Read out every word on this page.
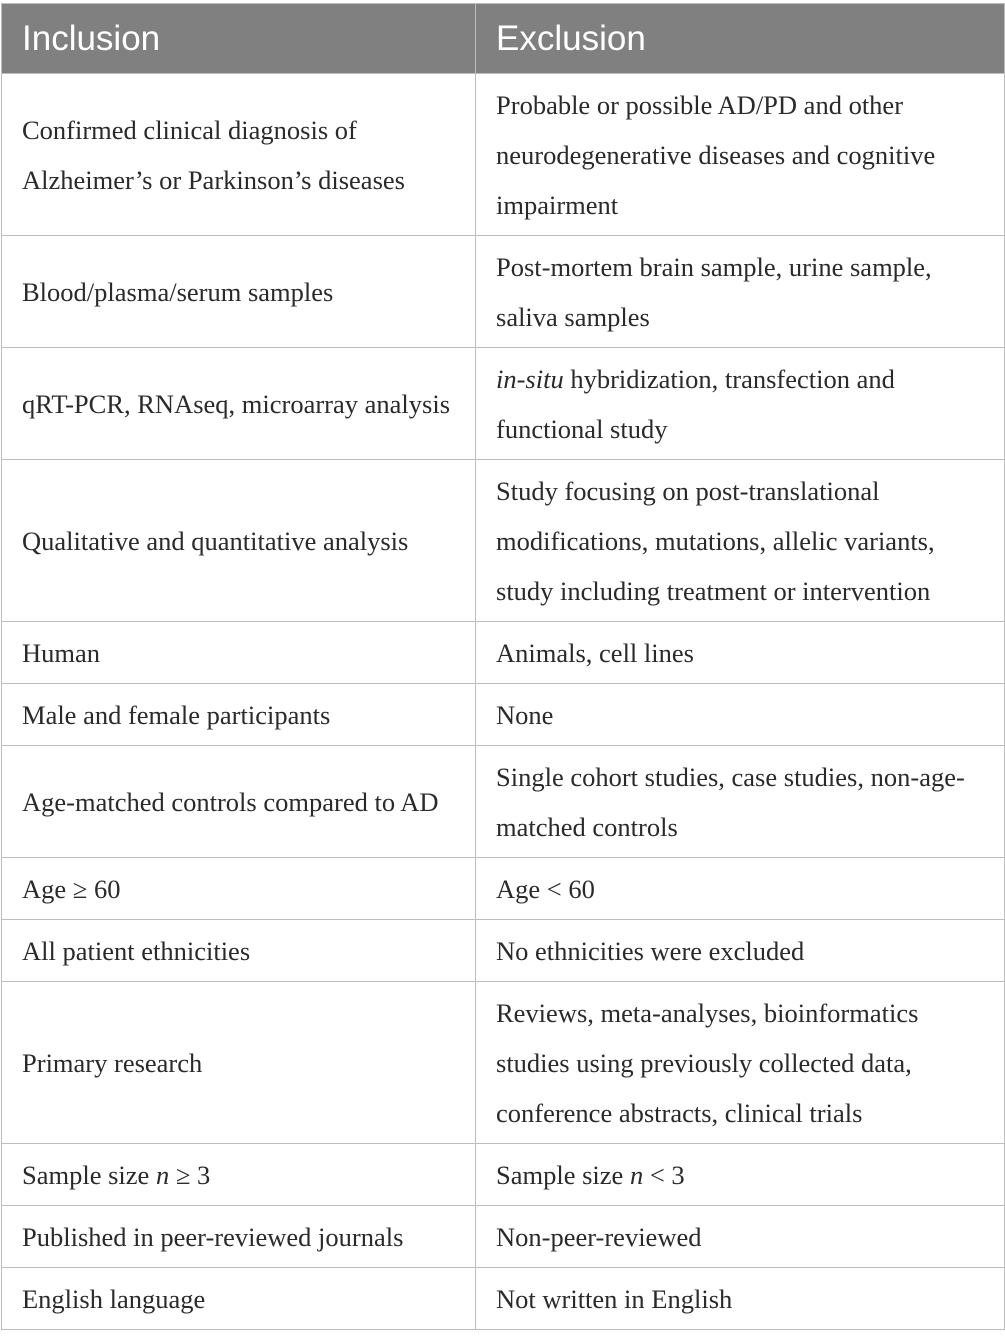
Inclusion	Exclusion
Confirmed clinical diagnosis of Alzheimer’s or Parkinson’s diseases	Probable or possible AD/PD and other neurodegenerative diseases and cognitive impairment
Blood/plasma/serum samples	Post-mortem brain sample, urine sample, saliva samples
qRT-PCR, RNAseq, microarray analysis	in-situ hybridization, transfection and functional study
Qualitative and quantitative analysis	Study focusing on post-translational modifications, mutations, allelic variants, study including treatment or intervention
Human	Animals, cell lines
Male and female participants	None
Age-matched controls compared to AD	Single cohort studies, case studies, non-age-matched controls
Age ≥ 60	Age < 60
All patient ethnicities	No ethnicities were excluded
Primary research	Reviews, meta-analyses, bioinformatics studies using previously collected data, conference abstracts, clinical trials
Sample size n ≥ 3	Sample size n < 3
Published in peer-reviewed journals	Non-peer-reviewed
English language	Not written in English
